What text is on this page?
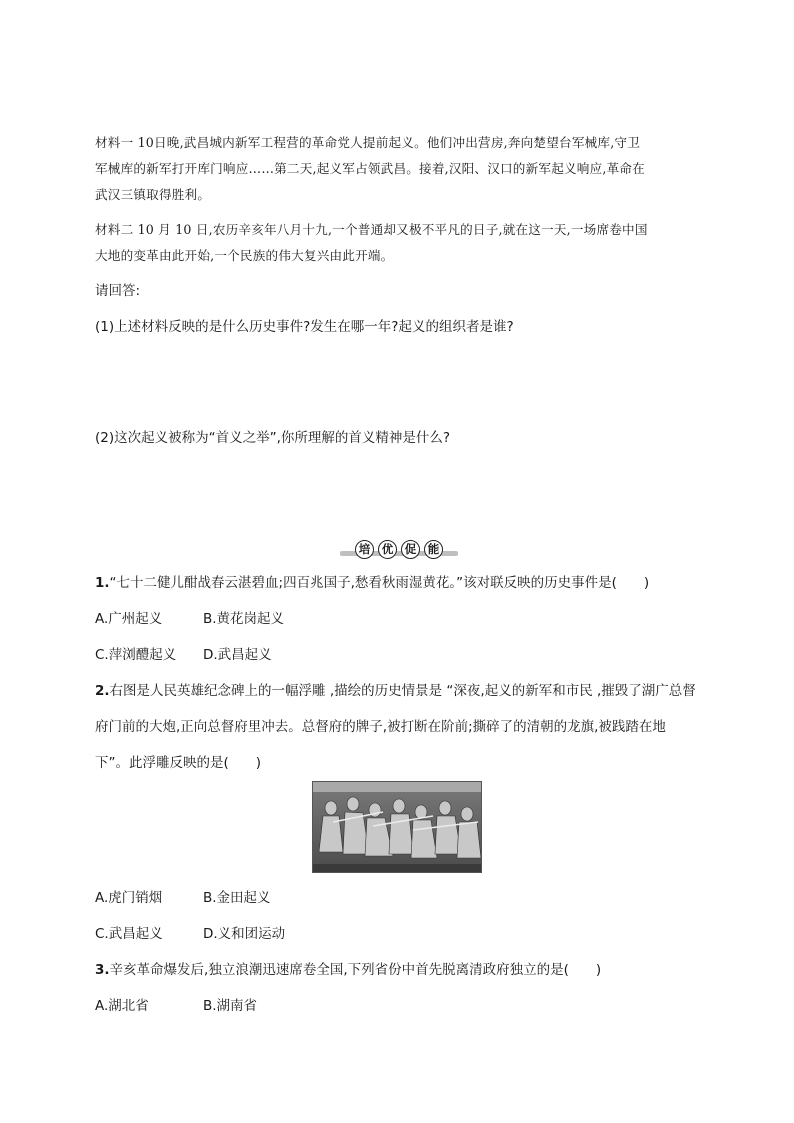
材料一 10日晚,武昌城内新军工程营的革命党人提前起义。他们冲出营房,奔向楚望台军械库,守卫
军械库的新军打开库门响应……第二天,起义军占领武昌。接着,汉阳、汉口的新军起义响应,革命在
武汉三镇取得胜利。
材料二 10 月 10 日,农历辛亥年八月十九,一个普通却又极不平凡的日子,就在这一天,一场席卷中国
大地的变革由此开始,一个民族的伟大复兴由此开端。
请回答:
(1)上述材料反映的是什么历史事件?发生在哪一年?起义的组织者是谁?
(2)这次起义被称为“首义之举”,你所理解的首义精神是什么?
培	优	促	能
1.“七十二健儿酣战春云湛碧血;四百兆国子,愁看秋雨湿黄花。”该对联反映的历史事件是(　　)
A.广州起义	B.黄花岗起义
C.萍浏醴起义 D.武昌起义
2.右图是人民英雄纪念碑上的一幅浮雕 ,描绘的历史情景是 “深夜,起义的新军和市民 ,摧毁了湖广总督
府门前的大炮,正向总督府里冲去。总督府的牌子,被打断在阶前;撕碎了的清朝的龙旗,被践踏在地
下”。此浮雕反映的是(　　)
A.虎门销烟	B.金田起义
C.武昌起义	D.义和团运动
3.辛亥革命爆发后,独立浪潮迅速席卷全国,下列省份中首先脱离清政府独立的是(　　)
A.湖北省	B.湖南省
